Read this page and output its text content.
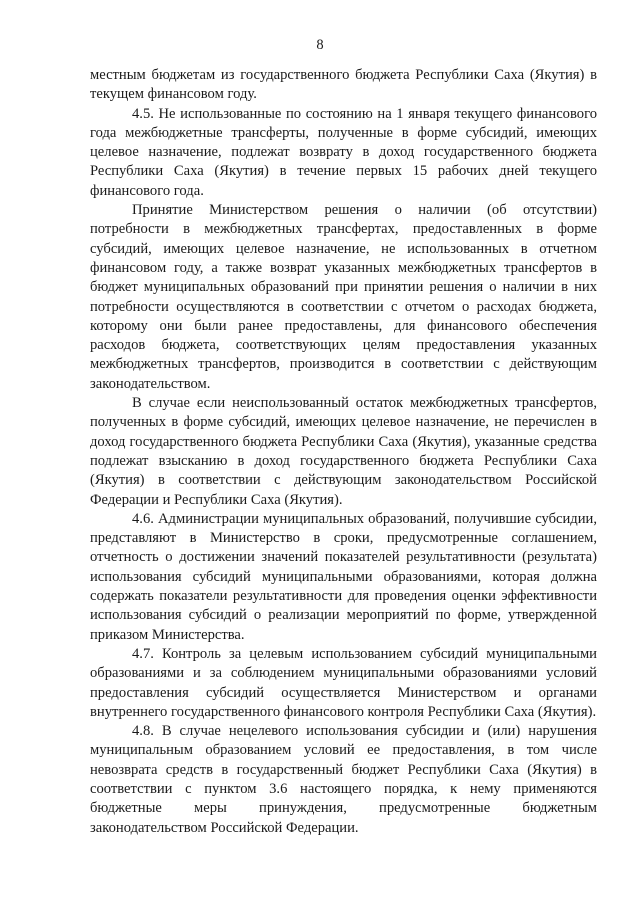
8

местным бюджетам из государственного бюджета Республики Саха (Якутия) в текущем финансовом году.

4.5. Не использованные по состоянию на 1 января текущего финансового года межбюджетные трансферты, полученные в форме субсидий, имеющих целевое назначение, подлежат возврату в доход государственного бюджета Республики Саха (Якутия) в течение первых 15 рабочих дней текущего финансового года.

Принятие Министерством решения о наличии (об отсутствии) потребности в межбюджетных трансфертах, предоставленных в форме субсидий, имеющих целевое назначение, не использованных в отчетном финансовом году, а также возврат указанных межбюджетных трансфертов в бюджет муниципальных образований при принятии решения о наличии в них потребности осуществляются в соответствии с отчетом о расходах бюджета, которому они были ранее предоставлены, для финансового обеспечения расходов бюджета, соответствующих целям предоставления указанных межбюджетных трансфертов, производится в соответствии с действующим законодательством.

В случае если неиспользованный остаток межбюджетных трансфертов, полученных в форме субсидий, имеющих целевое назначение, не перечислен в доход государственного бюджета Республики Саха (Якутия), указанные средства подлежат взысканию в доход государственного бюджета Республики Саха (Якутия) в соответствии с действующим законодательством Российской Федерации и Республики Саха (Якутия).

4.6. Администрации муниципальных образований, получившие субсидии, представляют в Министерство в сроки, предусмотренные соглашением, отчетность о достижении значений показателей результативности (результата) использования субсидий муниципальными образованиями, которая должна содержать показатели результативности для проведения оценки эффективности использования субсидий о реализации мероприятий по форме, утвержденной приказом Министерства.

4.7. Контроль за целевым использованием субсидий муниципальными образованиями и за соблюдением муниципальными образованиями условий предоставления субсидий осуществляется Министерством и органами внутреннего государственного финансового контроля Республики Саха (Якутия).

4.8. В случае нецелевого использования субсидии и (или) нарушения муниципальным образованием условий ее предоставления, в том числе невозврата средств в государственный бюджет Республики Саха (Якутия) в соответствии с пунктом 3.6 настоящего порядка, к нему применяются бюджетные меры принуждения, предусмотренные бюджетным законодательством Российской Федерации.
